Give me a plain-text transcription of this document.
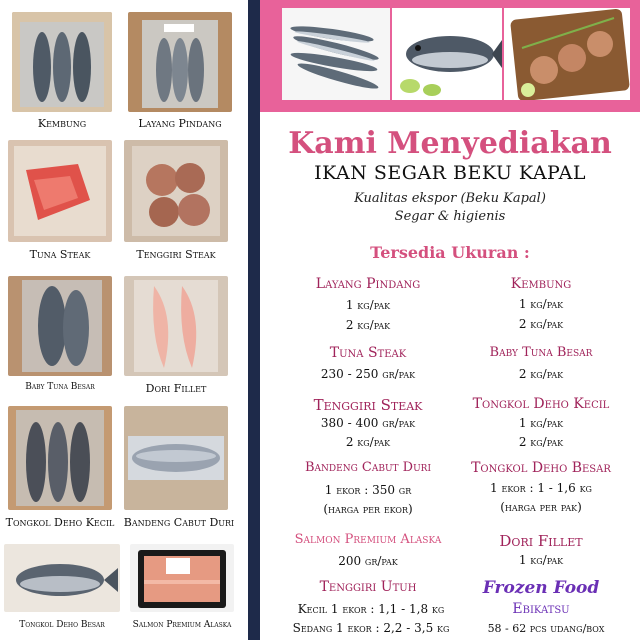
Kembung	Layang Pindang
Tuna Steak	Tenggiri Steak
Baby Tuna Besar	Dori Fillet
Tongkol Deho Kecil Bandeng Cabut Duri
Tongkol Deho Besar	Salmon Premium Alaska
Kami Menyediakan
IKAN SEGAR BEKU KAPAL
Kualitas ekspor (Beku Kapal)
Segar & higienis
Tersedia Ukuran :
Layang Pindang
1 kg/pak
2 kg/pak
Kembung
1 kg/pak
2 kg/pak
Tuna Steak
230 - 250 gr/pak
Baby Tuna Besar
2 kg/pak
Tenggiri Steak
380 - 400 gr/pak
2 kg/pak
Tongkol Deho Kecil
1 kg/pak
2 kg/pak
Bandeng Cabut Duri
1 ekor : 350 gr
(harga per ekor)
Tongkol Deho Besar
1 ekor : 1 - 1,6 kg
(harga per pak)
Salmon Premium Alaska
200 gr/pak
Dori Fillet
1 kg/pak
Tenggiri Utuh
Kecil 1 ekor : 1,1 - 1,8 kg
Sedang 1 ekor : 2,2 - 3,5 kg
Frozen Food
Ebikatsu
58 - 62 pcs udang/box
